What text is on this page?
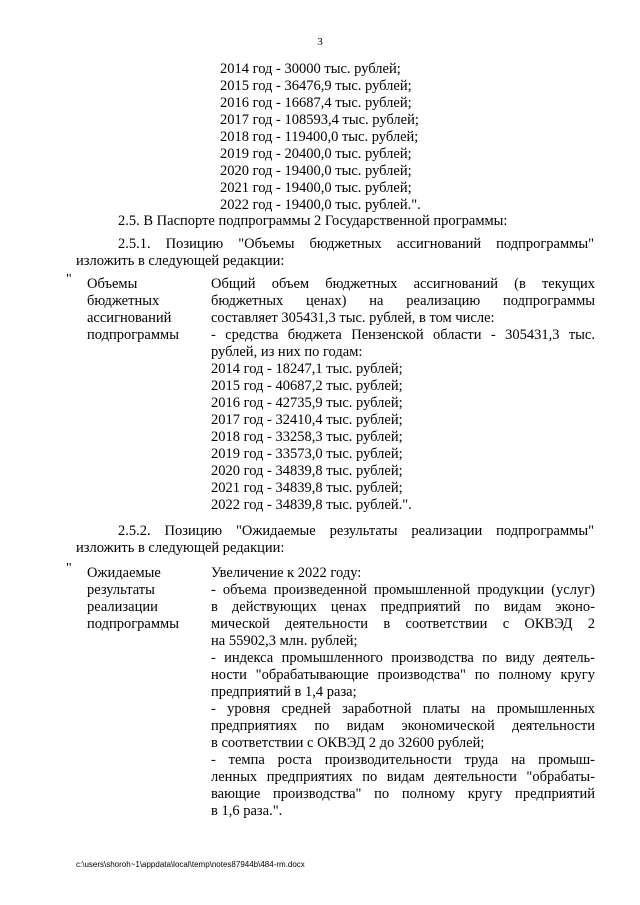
3
2014 год - 30000 тыс. рублей;
2015 год - 36476,9 тыс. рублей;
2016 год - 16687,4 тыс. рублей;
2017 год - 108593,4 тыс. рублей;
2018 год - 119400,0 тыс. рублей;
2019 год - 20400,0 тыс. рублей;
2020 год - 19400,0 тыс. рублей;
2021 год - 19400,0 тыс. рублей;
2022 год - 19400,0 тыс. рублей.".
2.5. В Паспорте подпрограммы 2 Государственной программы:
2.5.1. Позицию "Объемы бюджетных ассигнований подпрограммы"
изложить в следующей редакции:
" Объемы
бюджетных
ассигнований
подпрограммы
Общий объем бюджетных ассигнований (в текущих
бюджетных ценах) на реализацию подпрограммы
составляет 305431,3 тыс. рублей, в том числе:
- средства бюджета Пензенской области - 305431,3 тыс.
рублей, из них по годам:
2014 год - 18247,1 тыс. рублей;
2015 год - 40687,2 тыс. рублей;
2016 год - 42735,9 тыс. рублей;
2017 год - 32410,4 тыс. рублей;
2018 год - 33258,3 тыс. рублей;
2019 год - 33573,0 тыс. рублей;
2020 год - 34839,8 тыс. рублей;
2021 год - 34839,8 тыс. рублей;
2022 год - 34839,8 тыс. рублей.".
2.5.2. Позицию "Ожидаемые результаты реализации подпрограммы"
изложить в следующей редакции:
" Ожидаемые
результаты
реализации
подпрограммы
Увеличение к 2022 году:
- объема произведенной промышленной продукции (услуг)
в действующих ценах предприятий по видам эконо-
мической деятельности в соответствии с ОКВЭД 2
на 55902,3 млн. рублей;
- индекса промышленного производства по виду деятель-
ности "обрабатывающие производства" по полному кругу
предприятий в 1,4 раза;
- уровня средней заработной платы на промышленных
предприятиях по видам экономической деятельности
в соответствии с ОКВЭД 2 до 32600 рублей;
- темпа роста производительности труда на промыш-
ленных предприятиях по видам деятельности "обрабаты-
вающие производства" по полному кругу предприятий
в 1,6 раза.".
c:\users\shoroh~1\appdata\local\temp\notes87944b\484-rm.docx
